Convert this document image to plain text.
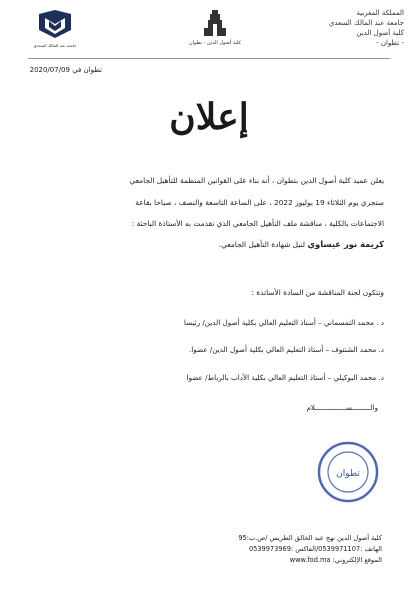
المملكة المغربية
جامعة عبد المالك السعدي
كلية أصول الدين
- تطوان -
كلية أصول الدين - تطوان
جامعة عبد المالك السعدي
تطوان في 2020/07/09
إعلان
يعلن عميد كلية أصول الدين بتطوان ، أنه بناء على القوانين المنظمة للتأهيل الجامعي
ستجري يوم الثلاثاء 19 يوليوز 2022 ، على الساعة التاسعة والنصف ، صباحا بقاعة
الاجتماعات بالكلية ، مناقشة ملف التأهيل الجامعي الذي تقدمت به الأستاذة الباحثة :
كريمة نور عيساوي لنيل شهادة التأهيل الجامعي.
وتتكون لجنة المناقشة من السادة الأساتذة :
د . محمد التمسماني – أستاذ التعليم العالي بكلية أصول الدين/ رئيسا
د. محمد الشنتوف – أستاذ التعليم العالي بكلية أصول الدين/ عضوا.
د. محمد البوكيلي – أستاذ التعليم العالي بكلية الآداب بالرباط/ عضوا
والـــــــــســـــــــــــــلام
تطوان
كلية أصول الدين نهج عبد الخالق الطريس /ص.ب:95
الهاتف :0539971107/الفاكس :0539973969
الموقع الإلكتروني: www.fod.ma
